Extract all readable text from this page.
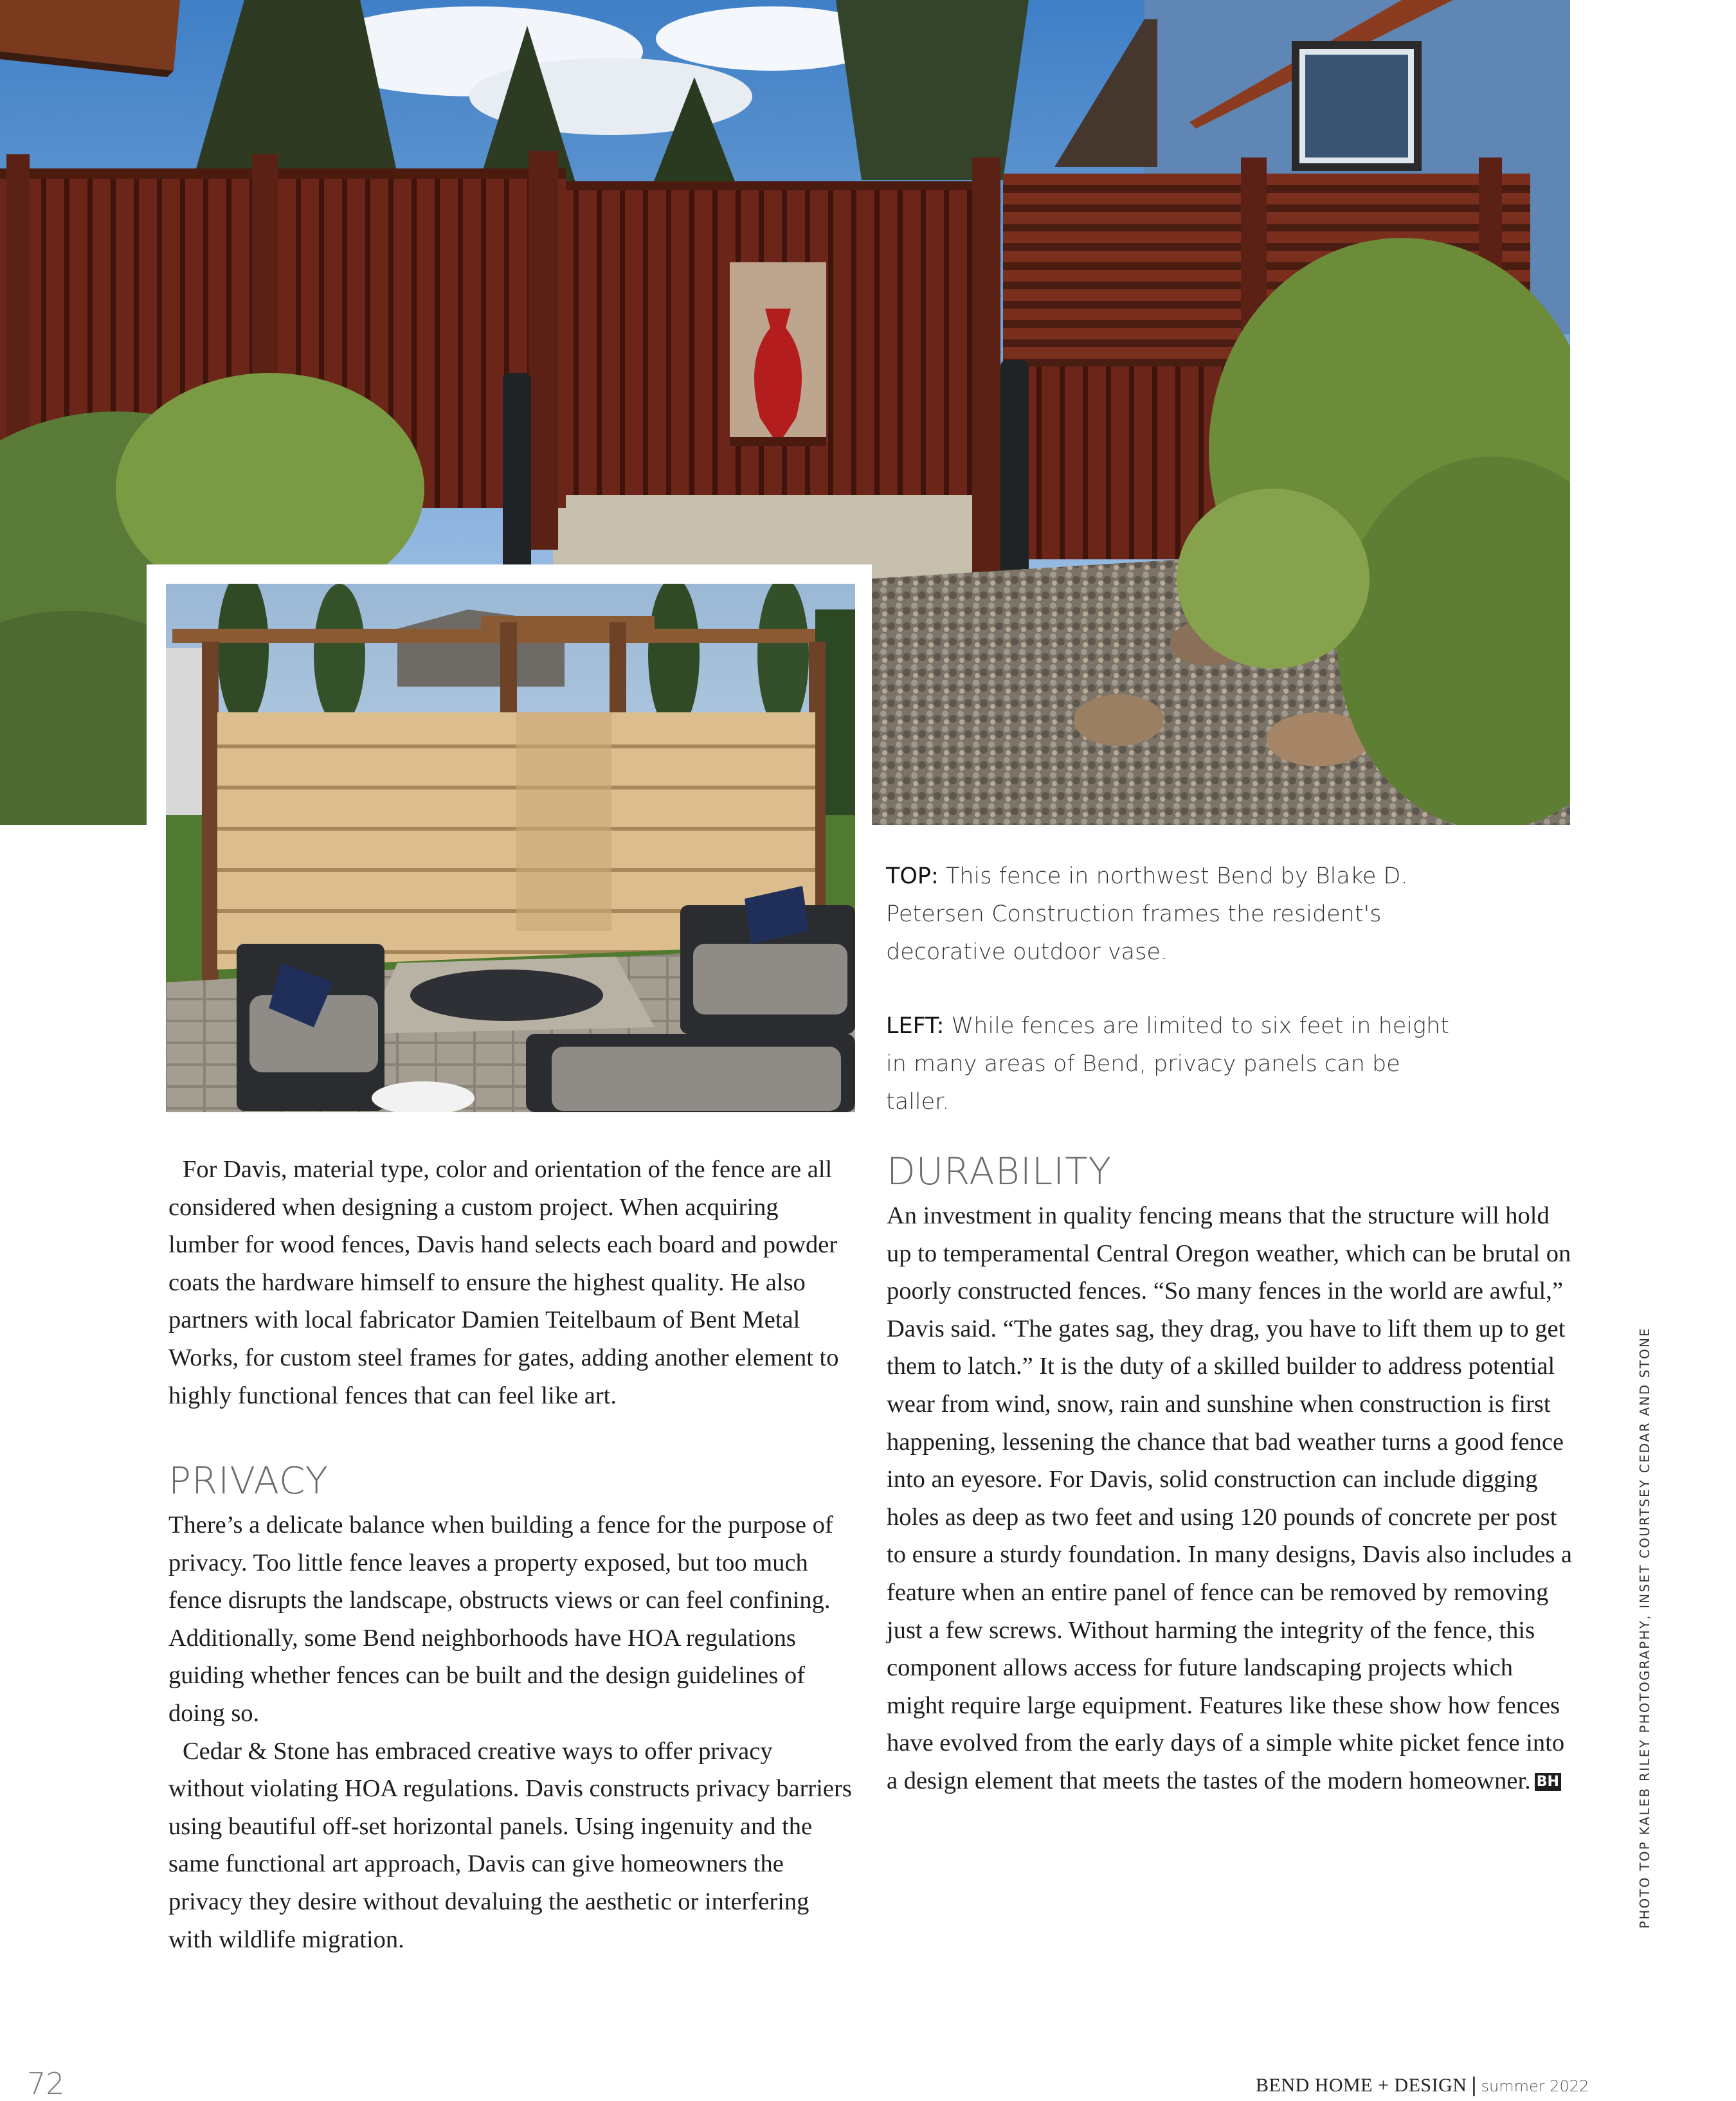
TOP: This fence in northwest Bend by Blake D. Petersen Construction frames the resident's decorative outdoor vase.
LEFT: While fences are limited to six feet in height in many areas of Bend, privacy panels can be taller.

For Davis, material type, color and orientation of the fence are all considered when designing a custom project. When acquiring lumber for wood fences, Davis hand selects each board and powder coats the hardware himself to ensure the highest quality. He also partners with local fabricator Damien Teitelbaum of Bent Metal Works, for custom steel frames for gates, adding another element to highly functional fences that can feel like art.

PRIVACY

There’s a delicate balance when building a fence for the purpose of privacy. Too little fence leaves a property exposed, but too much fence disrupts the landscape, obstructs views or can feel confining. Additionally, some Bend neighborhoods have HOA regulations guiding whether fences can be built and the design guidelines of doing so.

Cedar & Stone has embraced creative ways to offer privacy without violating HOA regulations. Davis constructs privacy barriers using beautiful off-set horizontal panels. Using ingenuity and the same functional art approach, Davis can give homeowners the privacy they desire without devaluing the aesthetic or interfering with wildlife migration.

DURABILITY

An investment in quality fencing means that the structure will hold up to temperamental Central Oregon weather, which can be brutal on poorly constructed fences. “So many fences in the world are awful,” Davis said. “The gates sag, they drag, you have to lift them up to get them to latch.” It is the duty of a skilled builder to address potential wear from wind, snow, rain and sunshine when construction is first happening, lessening the chance that bad weather turns a good fence into an eyesore. For Davis, solid construction can include digging holes as deep as two feet and using 120 pounds of concrete per post to ensure a sturdy foundation. In many designs, Davis also includes a feature when an entire panel of fence can be removed by removing just a few screws. Without harming the integrity of the fence, this component allows access for future landscaping projects which might require large equipment. Features like these show how fences have evolved from the early days of a simple white picket fence into a design element that meets the tastes of the modern homeowner. BH	PHOTO TOP KALEB RILEY PHOTOGRAPHY, INSET COURTSEY CEDAR AND STONE
72	BEND HOME + DESIGN | summer 2022
